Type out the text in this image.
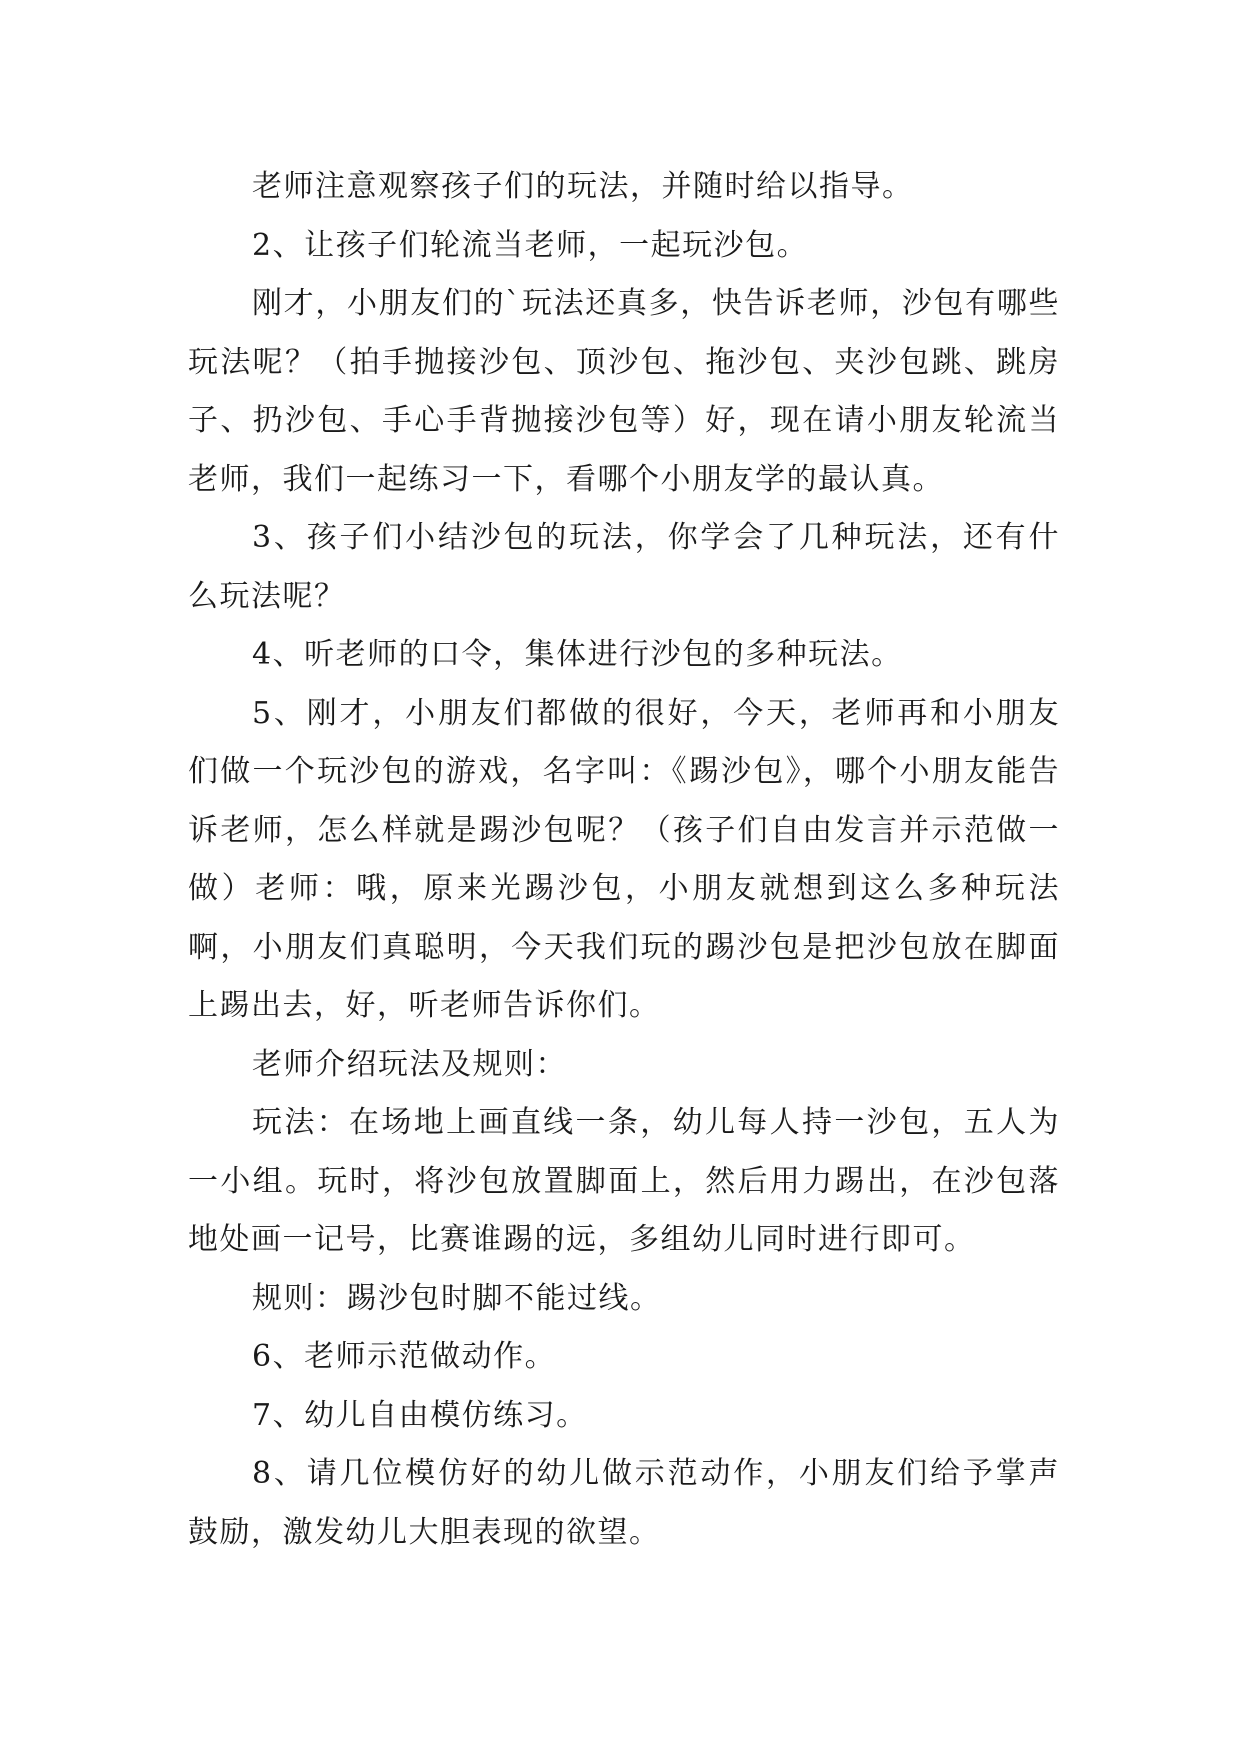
老师注意观察孩子们的玩法，并随时给以指导。

2、让孩子们轮流当老师，一起玩沙包。

刚才，小朋友们的`玩法还真多，快告诉老师，沙包有哪些玩法呢？（拍手抛接沙包、顶沙包、拖沙包、夹沙包跳、跳房子、扔沙包、手心手背抛接沙包等）好，现在请小朋友轮流当老师，我们一起练习一下，看哪个小朋友学的最认真。

3、孩子们小结沙包的玩法，你学会了几种玩法，还有什么玩法呢？

4、听老师的口令，集体进行沙包的多种玩法。

5、刚才，小朋友们都做的很好，今天，老师再和小朋友们做一个玩沙包的游戏，名字叫：《踢沙包》，哪个小朋友能告诉老师，怎么样就是踢沙包呢？（孩子们自由发言并示范做一做）老师：哦，原来光踢沙包，小朋友就想到这么多种玩法啊，小朋友们真聪明，今天我们玩的踢沙包是把沙包放在脚面上踢出去，好，听老师告诉你们。

老师介绍玩法及规则：

玩法：在场地上画直线一条，幼儿每人持一沙包，五人为一小组。玩时，将沙包放置脚面上，然后用力踢出，在沙包落地处画一记号，比赛谁踢的远，多组幼儿同时进行即可。

规则：踢沙包时脚不能过线。

6、老师示范做动作。

7、幼儿自由模仿练习。

8、请几位模仿好的幼儿做示范动作，小朋友们给予掌声鼓励，激发幼儿大胆表现的欲望。
